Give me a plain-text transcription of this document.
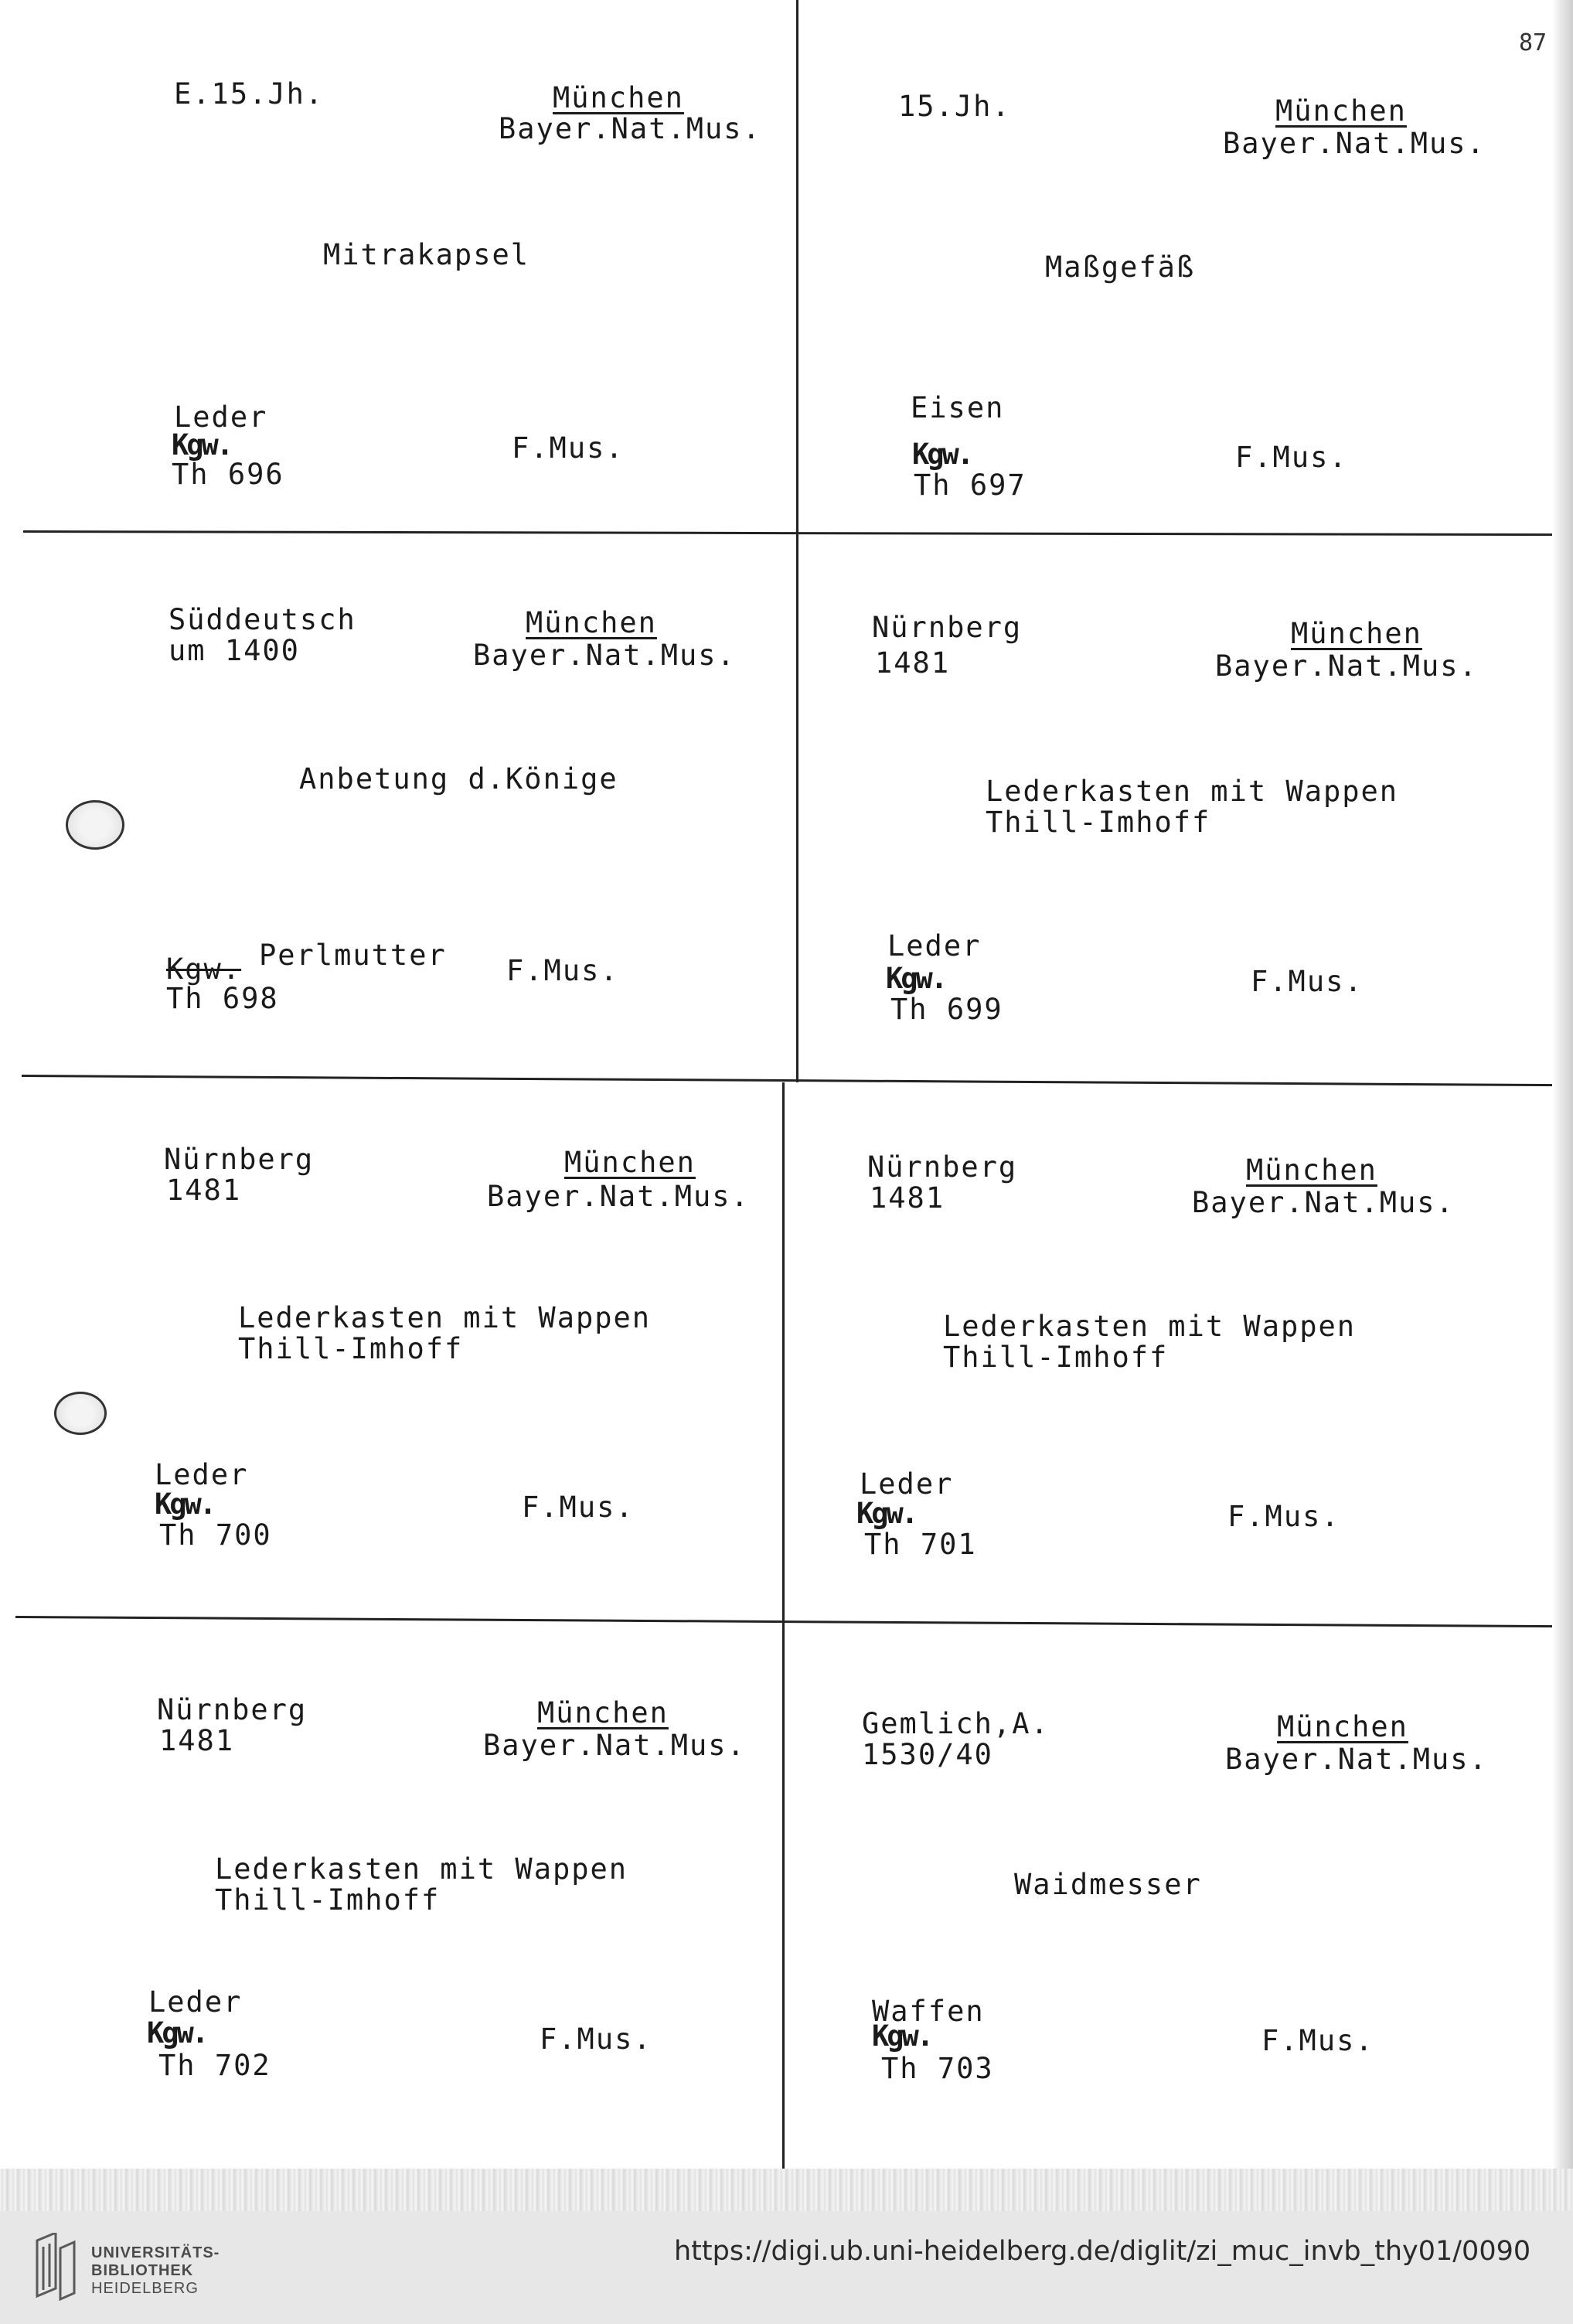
87
E.15.Jh.	München
Bayer.Nat.Mus.
Mitrakapsel
Leder
Kgw.
Th 696
F.Mus.
15.Jh.	München
Bayer.Nat.Mus.
Maßgefäß
Eisen
Kgw.
Th 697
F.Mus.
Süddeutsch
um 1400
München
Bayer.Nat.Mus.
Anbetung d.Könige
Kgw. Perlmutter
Th 698
F.Mus.
Nürnberg
1481
München
Bayer.Nat.Mus.
Lederkasten mit Wappen
Thill-Imhoff
Leder
Kgw.
Th 699
F.Mus.
Nürnberg
1481
München
Bayer.Nat.Mus.
Lederkasten mit Wappen
Thill-Imhoff
Leder
Kgw.
Th 700
F.Mus.
Nürnberg
1481
München
Bayer.Nat.Mus.
Lederkasten mit Wappen
Thill-Imhoff
Leder
Kgw.
Th 701
F.Mus.
Nürnberg
1481
München
Bayer.Nat.Mus.
Lederkasten mit Wappen
Thill-Imhoff
Leder
Kgw.
Th 702
F.Mus.
Gemlich,A.
1530/40
München
Bayer.Nat.Mus.
Waidmesser
Waffen
Kgw.
Th 703
F.Mus.
UNIVERSITÄTS-
BIBLIOTHEK
HEIDELBERG
https://digi.ub.uni-heidelberg.de/diglit/zi_muc_invb_thy01/0090
